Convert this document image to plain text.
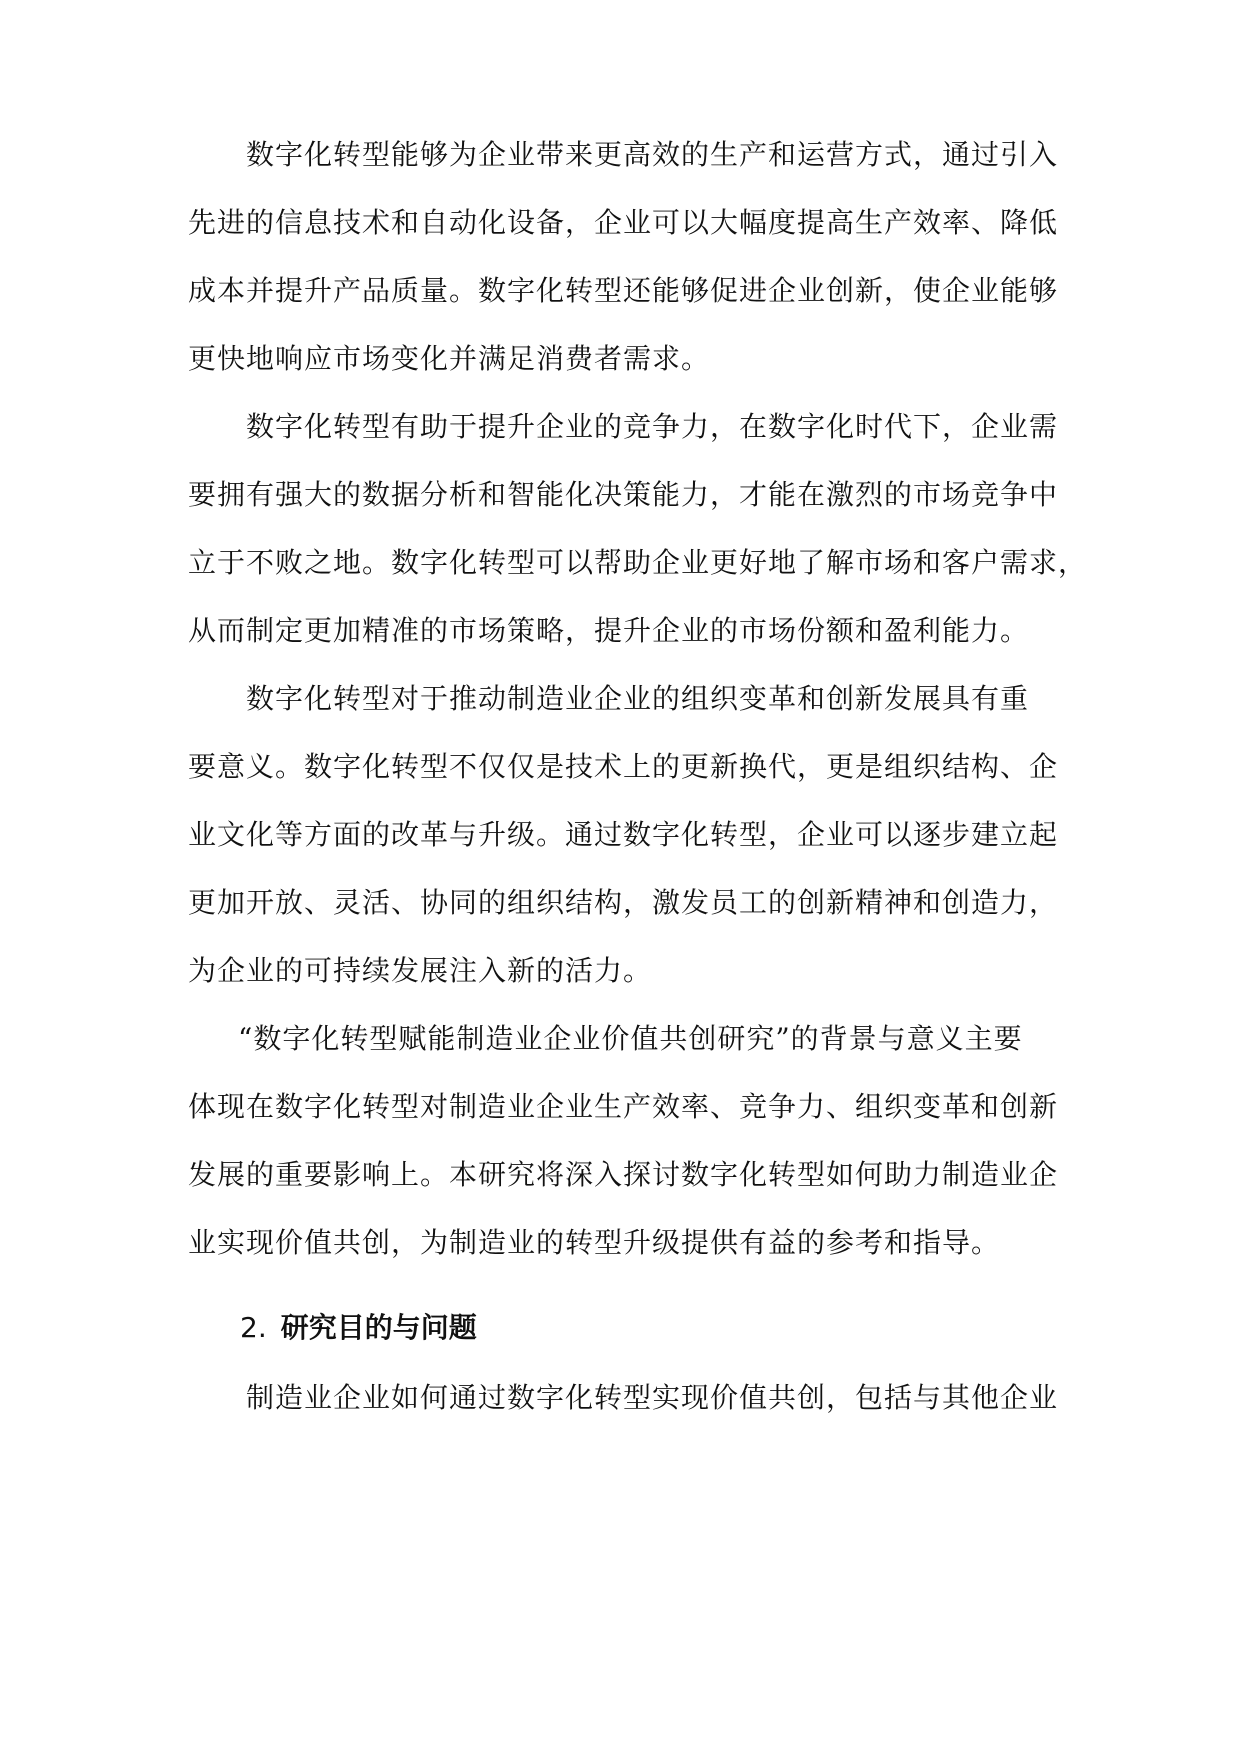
数字化转型能够为企业带来更高效的生产和运营方式，通过引入
先进的信息技术和自动化设备，企业可以大幅度提高生产效率、降低
成本并提升产品质量。数字化转型还能够促进企业创新，使企业能够
更快地响应市场变化并满足消费者需求。
数字化转型有助于提升企业的竞争力，在数字化时代下，企业需
要拥有强大的数据分析和智能化决策能力，才能在激烈的市场竞争中
立于不败之地。数字化转型可以帮助企业更好地了解市场和客户需求，
从而制定更加精准的市场策略，提升企业的市场份额和盈利能力。
数字化转型对于推动制造业企业的组织变革和创新发展具有重
要意义。数字化转型不仅仅是技术上的更新换代，更是组织结构、企
业文化等方面的改革与升级。通过数字化转型，企业可以逐步建立起
更加开放、灵活、协同的组织结构，激发员工的创新精神和创造力，
为企业的可持续发展注入新的活力。
“数字化转型赋能制造业企业价值共创研究”的背景与意义主要
体现在数字化转型对制造业企业生产效率、竞争力、组织变革和创新
发展的重要影响上。本研究将深入探讨数字化转型如何助力制造业企
业实现价值共创，为制造业的转型升级提供有益的参考和指导。
2. 研究目的与问题
制造业企业如何通过数字化转型实现价值共创，包括与其他企业
